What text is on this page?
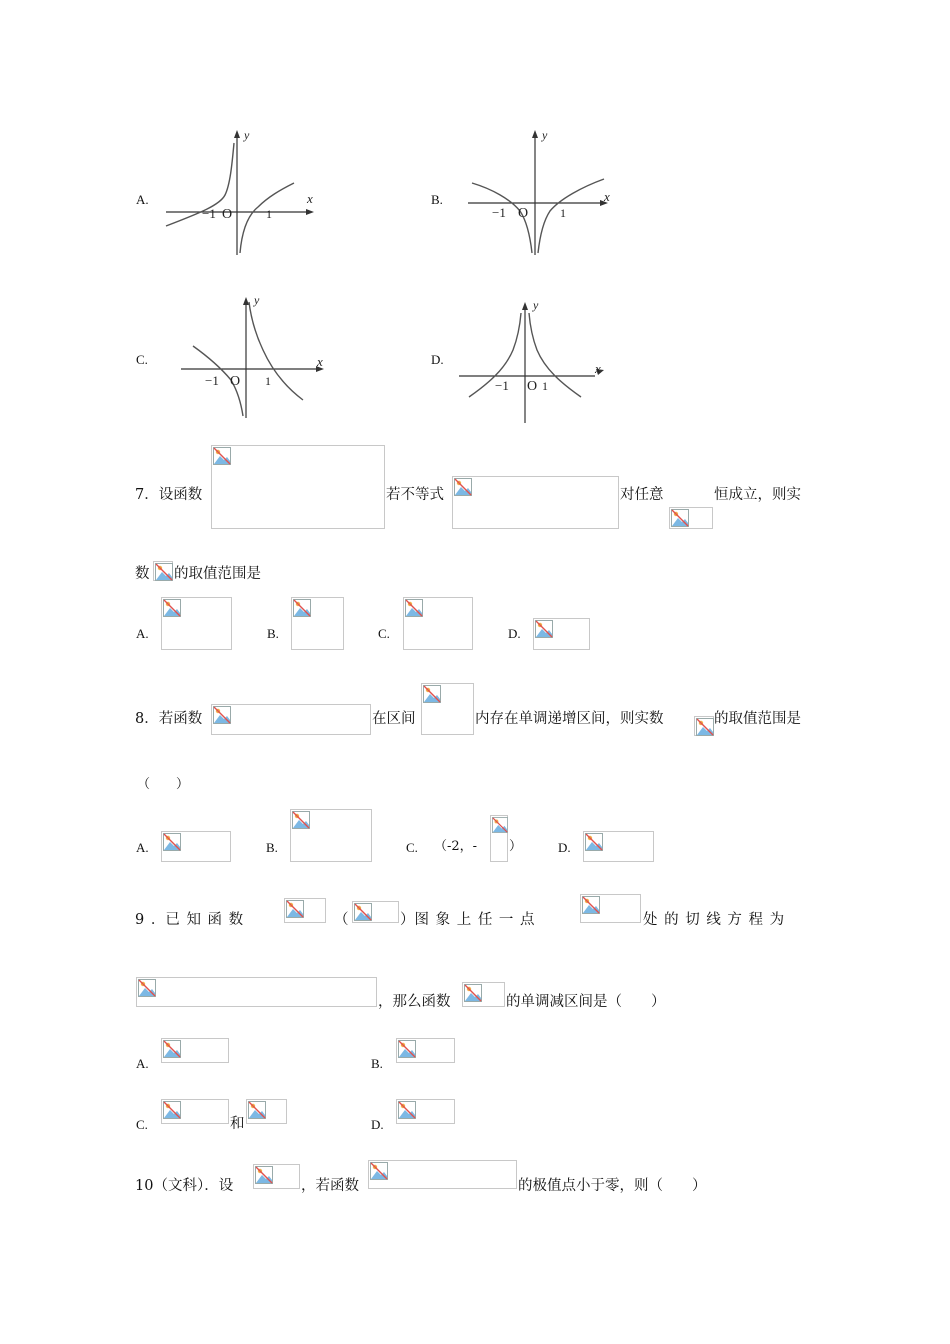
A.
y
x
−1 O	1
B.
y
x
−1 O	1
C.
y
x
−1 O 1
D.
y
x
−1 O 1
7．设函数	若不等式	对任意	恒成立，则实
数 的取值范围是
A.	B.	C.	D.
8．若函数	在区间	内存在单调递增区间，则实数	的取值范围是
（　　）
A.	B.	C. （-2，- ）	D.
9 ．已 知 函 数	（	）图 象 上 任 一 点	处 的 切 线 方 程 为
，那么函数	的单调减区间是（　　）
A.	B.
C.	和	D.
10（文科）．设	，若函数	的极值点小于零，则（　　）
